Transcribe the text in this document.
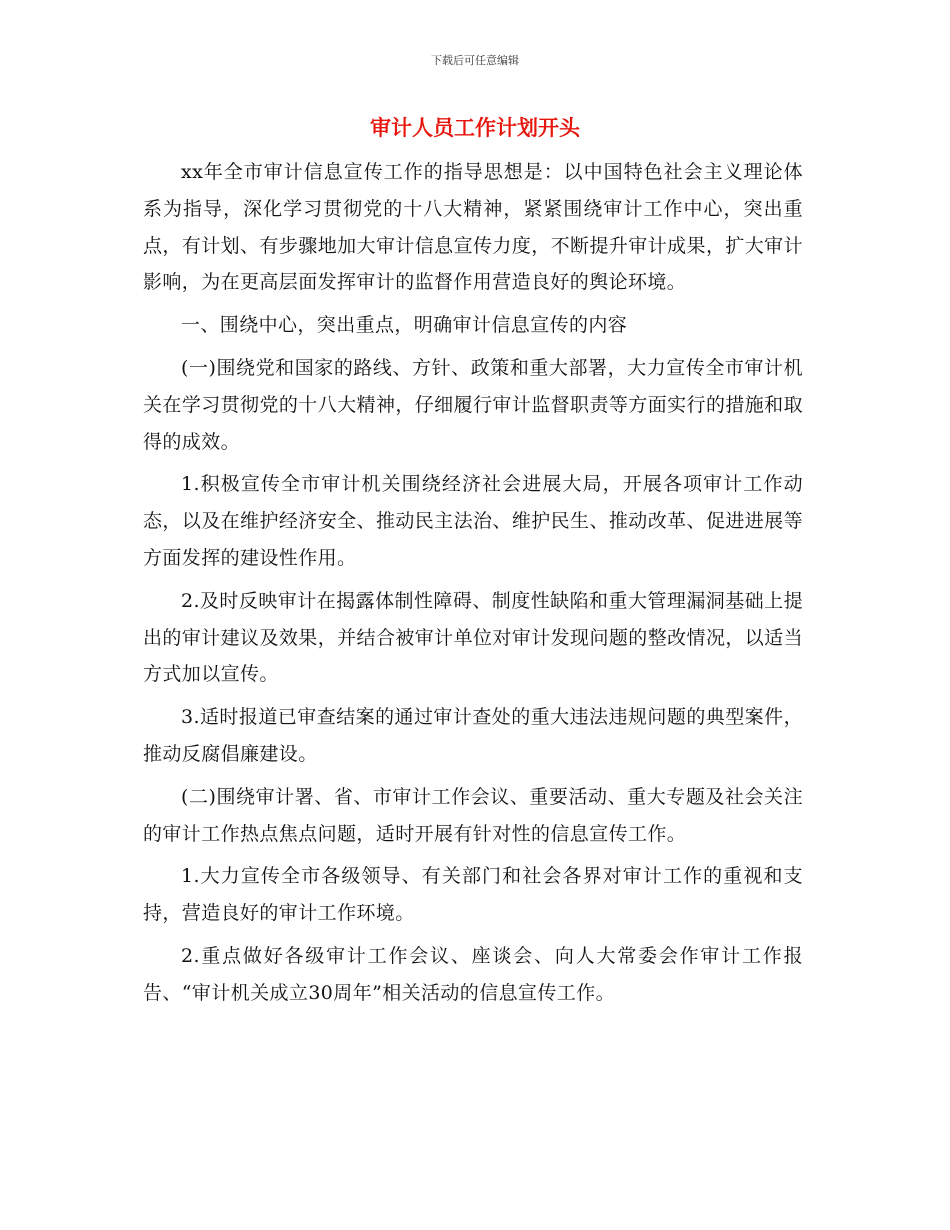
下载后可任意编辑
审计人员工作计划开头

xx年全市审计信息宣传工作的指导思想是：以中国特色社会主义理论体系为指导，深化学习贯彻党的十八大精神，紧紧围绕审计工作中心，突出重点，有计划、有步骤地加大审计信息宣传力度，不断提升审计成果，扩大审计影响，为在更高层面发挥审计的监督作用营造良好的舆论环境。

一、围绕中心，突出重点，明确审计信息宣传的内容

(一)围绕党和国家的路线、方针、政策和重大部署，大力宣传全市审计机关在学习贯彻党的十八大精神，仔细履行审计监督职责等方面实行的措施和取得的成效。

1.积极宣传全市审计机关围绕经济社会进展大局，开展各项审计工作动态，以及在维护经济安全、推动民主法治、维护民生、推动改革、促进进展等方面发挥的建设性作用。

2.及时反映审计在揭露体制性障碍、制度性缺陷和重大管理漏洞基础上提出的审计建议及效果，并结合被审计单位对审计发现问题的整改情况，以适当方式加以宣传。

3.适时报道已审查结案的通过审计查处的重大违法违规问题的典型案件，推动反腐倡廉建设。

(二)围绕审计署、省、市审计工作会议、重要活动、重大专题及社会关注的审计工作热点焦点问题，适时开展有针对性的信息宣传工作。

1.大力宣传全市各级领导、有关部门和社会各界对审计工作的重视和支持，营造良好的审计工作环境。

2.重点做好各级审计工作会议、座谈会、向人大常委会作审计工作报告、“审计机关成立30周年”相关活动的信息宣传工作。
